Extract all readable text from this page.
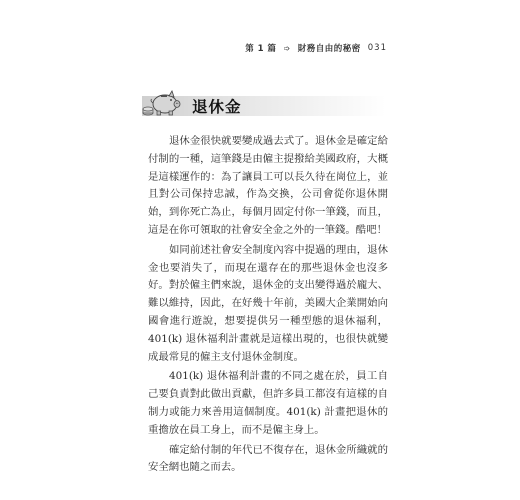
第 1 篇 ➩ 財務自由的秘密 031
退休金

退休金很快就要變成過去式了。退休金是確定給付制的一種，這筆錢是由僱主提撥給美國政府，大概是這樣運作的：為了讓員工可以長久待在崗位上，並且對公司保持忠誠，作為交換，公司會從你退休開始，到你死亡為止，每個月固定付你一筆錢，而且，這是在你可領取的社會安全金之外的一筆錢。酷吧！

如同前述社會安全制度內容中提過的理由，退休金也要消失了，而現在還存在的那些退休金也沒多好。對於僱主們來說，退休金的支出變得過於龐大、難以維持，因此，在好幾十年前，美國大企業開始向國會進行遊說，想要提供另一種型態的退休福利，401(k) 退休福利計畫就是這樣出現的，也很快就變成最常見的僱主支付退休金制度。

401(k) 退休福利計畫的不同之處在於，員工自己要負責對此做出貢獻，但許多員工都沒有這樣的自制力或能力來善用這個制度。401(k) 計畫把退休的重擔放在員工身上，而不是僱主身上。

確定給付制的年代已不復存在，退休金所織就的安全網也隨之而去。
